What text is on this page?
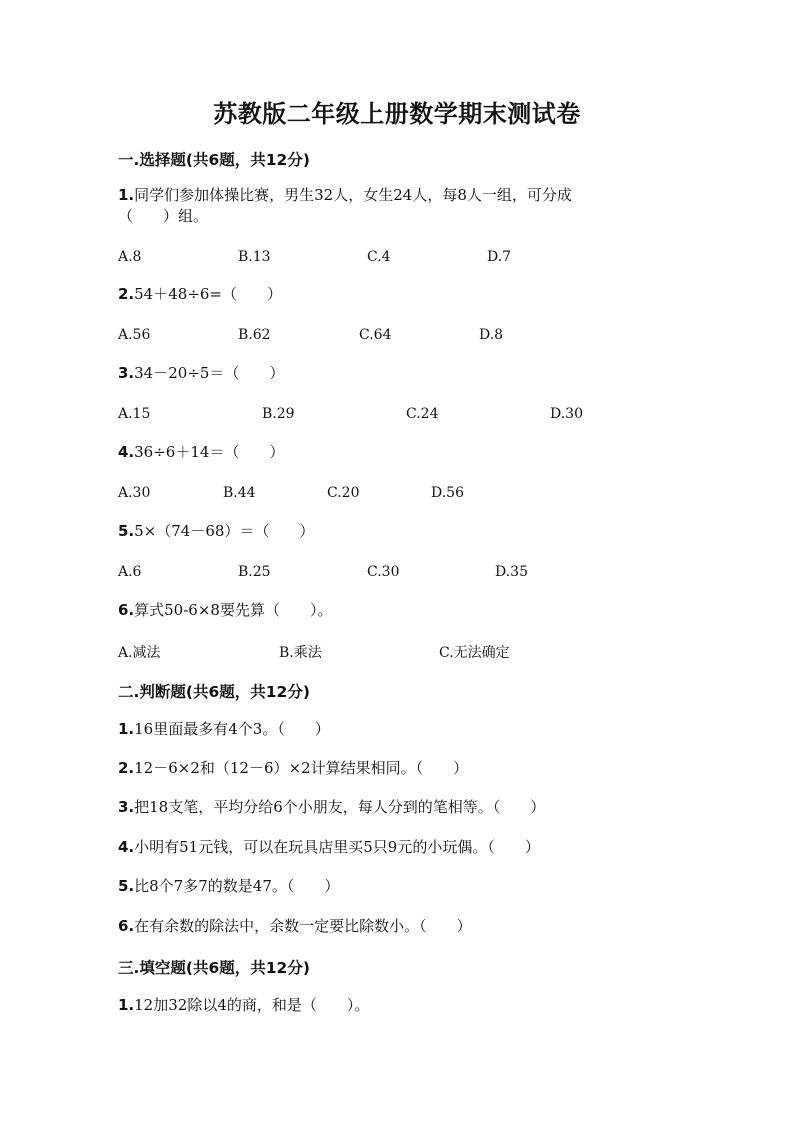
苏教版二年级上册数学期末测试卷
一.选择题(共6题，共12分)
1.同学们参加体操比赛，男生32人，女生24人，每8人一组，可分成
（　　）组。
A.8	B.13	C.4	D.7
2.54＋48÷6=（　　）
A.56	B.62	C.64	D.8
3.34－20÷5＝（　　）
A.15	B.29	C.24	D.30
4.36÷6＋14＝（　　）
A.30	B.44	C.20	D.56
5.5×（74－68）＝（　　）
A.6	B.25	C.30	D.35
6.算式50-6×8要先算（　　）。
A.减法	B.乘法	C.无法确定
二.判断题(共6题，共12分)
1.16里面最多有4个3。（　　）
2.12－6×2和（12－6）×2计算结果相同。（　　）
3.把18支笔，平均分给6个小朋友，每人分到的笔相等。（　　）
4.小明有51元钱，可以在玩具店里买5只9元的小玩偶。（　　）
5.比8个7多7的数是47。（　　）
6.在有余数的除法中，余数一定要比除数小。（　　）
三.填空题(共6题，共12分)
1.12加32除以4的商，和是（　　）。
